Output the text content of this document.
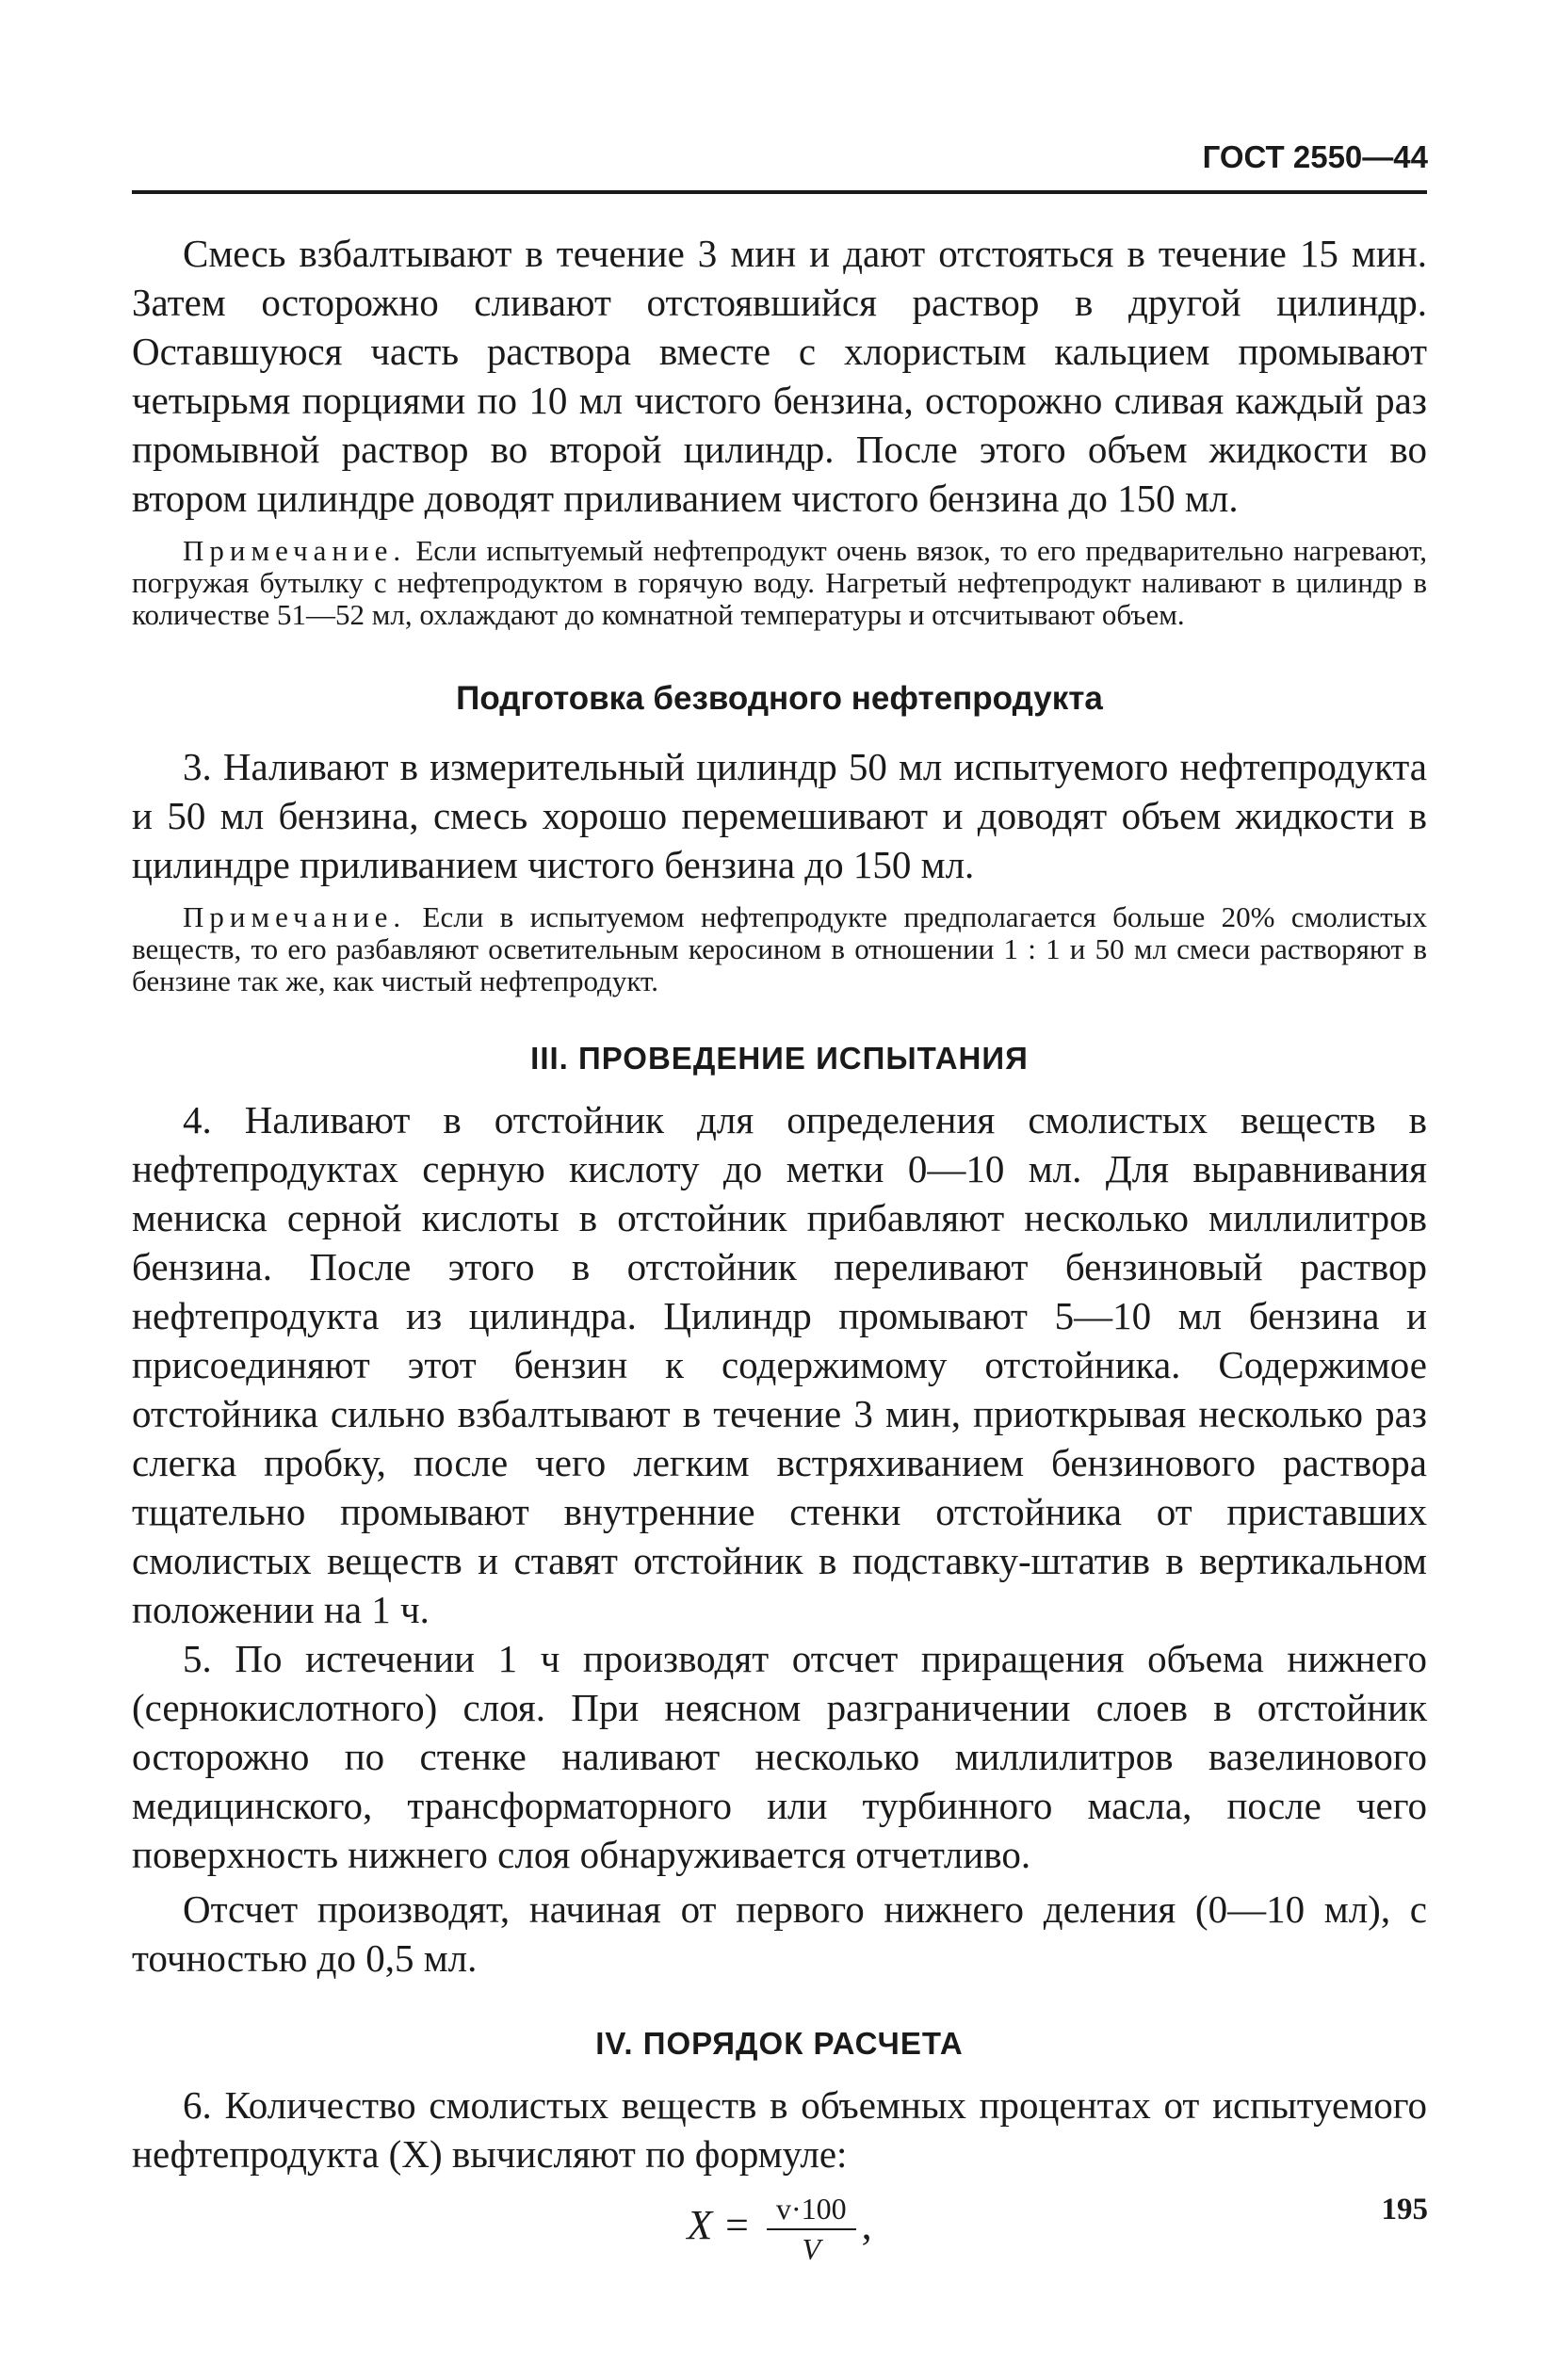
ГОСТ 2550—44

Смесь взбалтывают в течение 3 мин и дают отстояться в течение 15 мин. Затем осторожно сливают отстоявшийся раствор в другой цилиндр. Оставшуюся часть раствора вместе с хлористым кальцием промывают четырьмя порциями по 10 мл чистого бензина, осторожно сливая каждый раз промывной раствор во второй цилиндр. После этого объем жидкости во втором цилиндре доводят приливанием чистого бензина до 150 мл.

Примечание. Если испытуемый нефтепродукт очень вязок, то его предварительно нагревают, погружая бутылку с нефтепродуктом в горячую воду. Нагретый нефтепродукт наливают в цилиндр в количестве 51—52 мл, охлаждают до комнатной температуры и отсчитывают объем.

Подготовка безводного нефтепродукта

3. Наливают в измерительный цилиндр 50 мл испытуемого нефтепродукта и 50 мл бензина, смесь хорошо перемешивают и доводят объем жидкости в цилиндре приливанием чистого бензина до 150 мл.

Примечание. Если в испытуемом нефтепродукте предполагается больше 20% смолистых веществ, то его разбавляют осветительным керосином в отношении 1 : 1 и 50 мл смеси растворяют в бензине так же, как чистый нефтепродукт.

III. ПРОВЕДЕНИЕ ИСПЫТАНИЯ

4. Наливают в отстойник для определения смолистых веществ в нефтепродуктах серную кислоту до метки 0—10 мл. Для выравнивания мениска серной кислоты в отстойник прибавляют несколько миллилитров бензина. После этого в отстойник переливают бензиновый раствор нефтепродукта из цилиндра. Цилиндр промывают 5—10 мл бензина и присоединяют этот бензин к содержимому отстойника. Содержимое отстойника сильно взбалтывают в течение 3 мин, приоткрывая несколько раз слегка пробку, после чего легким встряхиванием бензинового раствора тщательно промывают внутренние стенки отстойника от приставших смолистых веществ и ставят отстойник в подставку-штатив в вертикальном положении на 1 ч.

5. По истечении 1 ч производят отсчет приращения объема нижнего (сернокислотного) слоя. При неясном разграничении слоев в отстойник осторожно по стенке наливают несколько миллилитров вазелинового медицинского, трансформаторного или турбинного масла, после чего поверхность нижнего слоя обнаруживается отчетливо.

Отсчет производят, начиная от первого нижнего деления (0—10 мл), с точностью до 0,5 мл.

IV. ПОРЯДОК РАСЧЕТА

6. Количество смолистых веществ в объемных процентах от испытуемого нефтепродукта (X) вычисляют по формуле:

$X = \frac{v\cdot 100}{V}$ ,	195
